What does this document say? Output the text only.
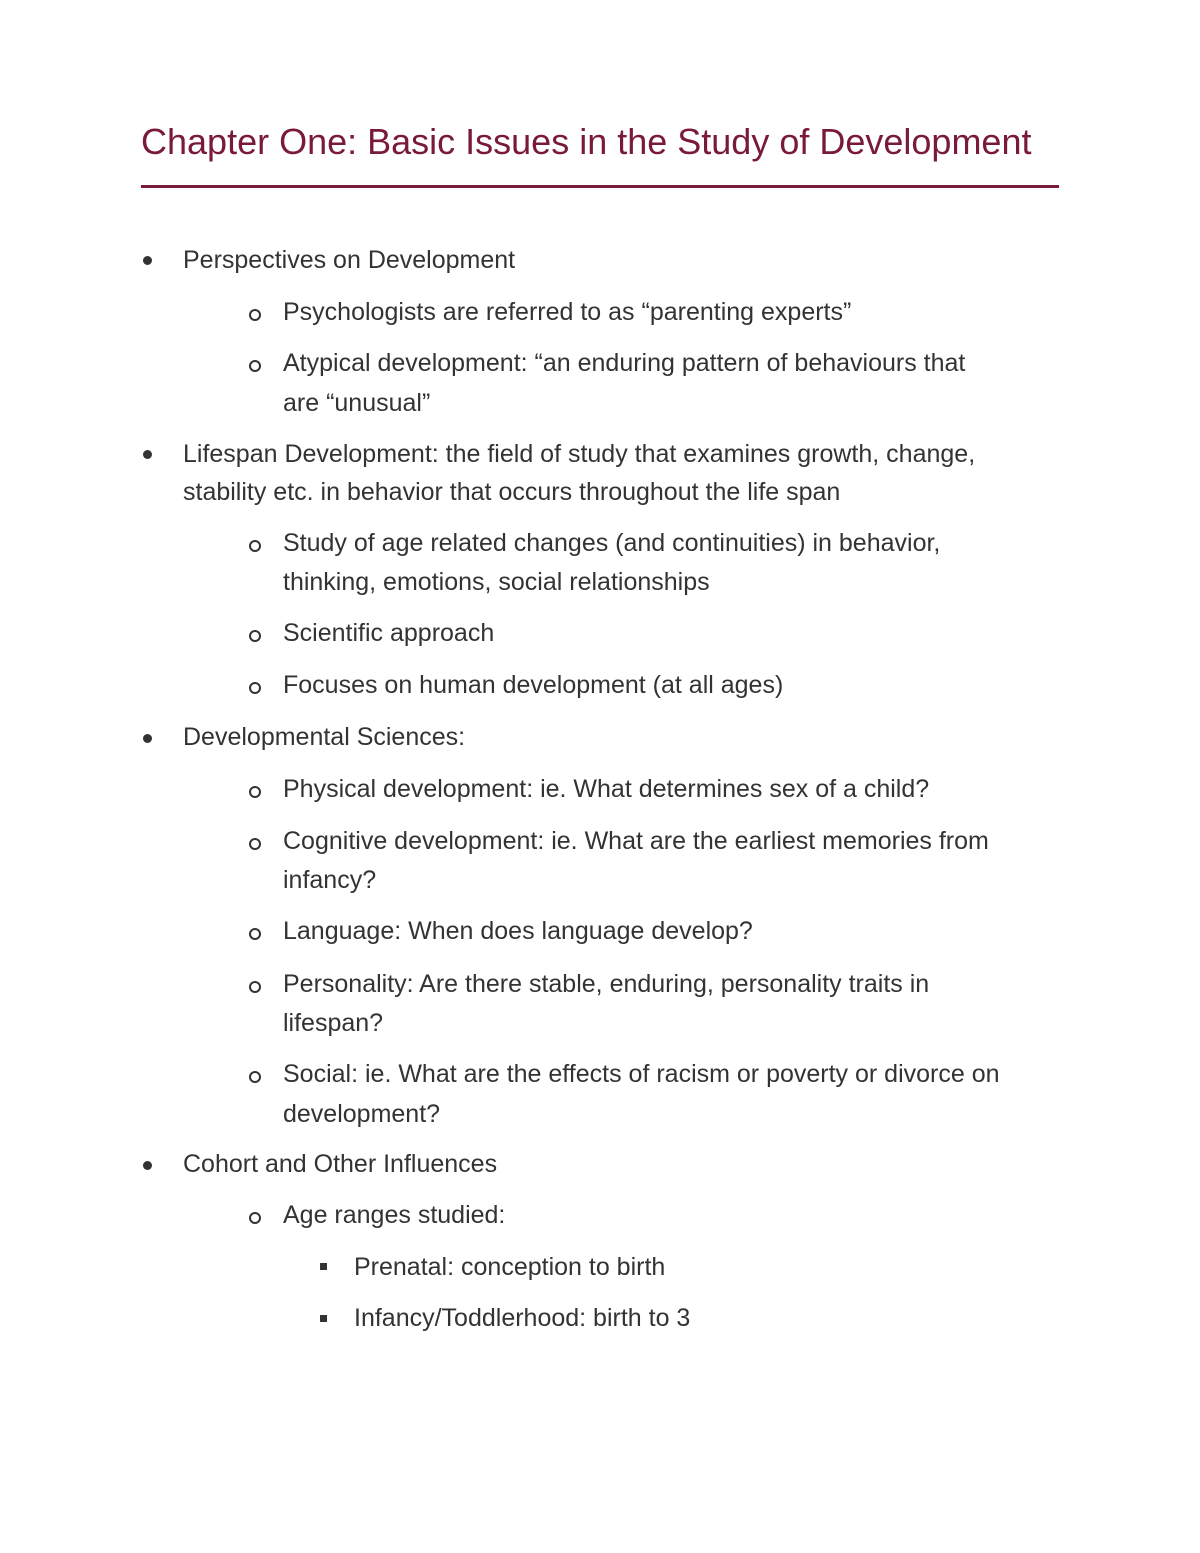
Chapter One: Basic Issues in the Study of Development
Perspectives on Development
Psychologists are referred to as “parenting experts”
Atypical development: “an enduring pattern of behaviours that
are “unusual”
Lifespan Development: the field of study that examines growth, change,
stability etc. in behavior that occurs throughout the life span
Study of age related changes (and continuities) in behavior,
thinking, emotions, social relationships
Scientific approach
Focuses on human development (at all ages)
Developmental Sciences:
Physical development: ie. What determines sex of a child?
Cognitive development: ie. What are the earliest memories from
infancy?
Language: When does language develop?
Personality: Are there stable, enduring, personality traits in
lifespan?
Social: ie. What are the effects of racism or poverty or divorce on
development?
Cohort and Other Influences
Age ranges studied:
Prenatal: conception to birth
Infancy/Toddlerhood: birth to 3
